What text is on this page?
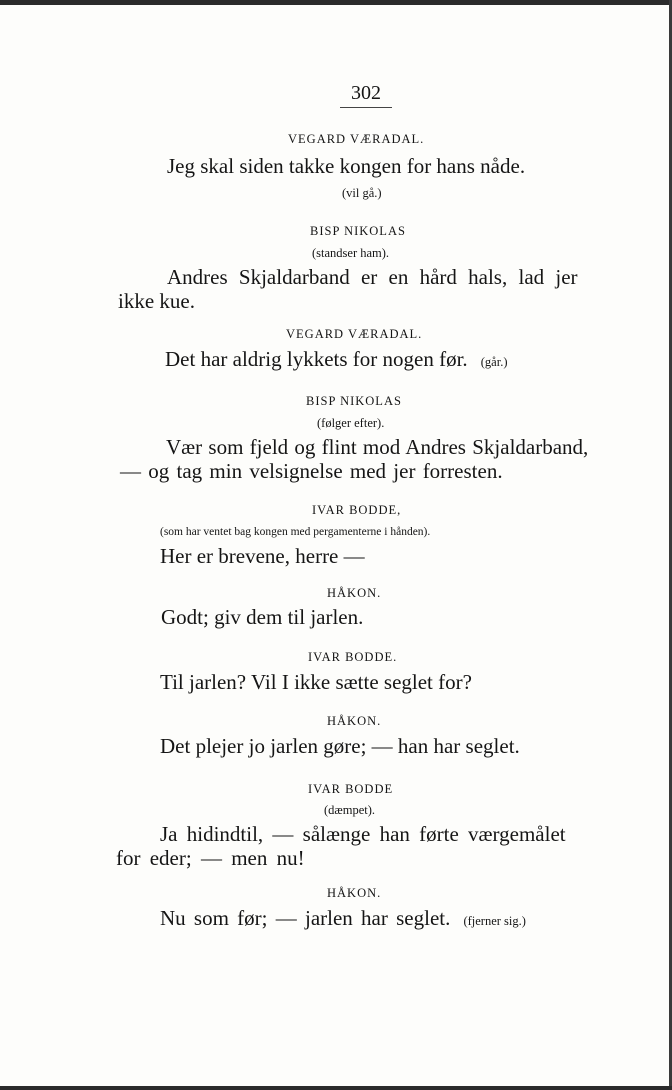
302
VEGARD VÆRADAL.
Jeg skal siden takke kongen for hans nåde.
(vil gå.)
BISP NIKOLAS
(standser ham).
Andres Skjaldarband er en hård hals, lad jer
ikke kue.
VEGARD VÆRADAL.
Det har aldrig lykkets for nogen før. (går.)
BISP NIKOLAS
(følger efter).
Vær som fjeld og flint mod Andres Skjaldarband,
— og tag min velsignelse med jer forresten.
IVAR BODDE,
(som har ventet bag kongen med pergamenterne i hånden).
Her er brevene, herre —
HÅKON.
Godt; giv dem til jarlen.
IVAR BODDE.
Til jarlen? Vil I ikke sætte seglet for?
HÅKON.
Det plejer jo jarlen gøre; — han har seglet.
IVAR BODDE
(dæmpet).
Ja hidindtil, — sålænge han førte værgemålet
for eder; — men nu!
HÅKON.
Nu som før; — jarlen har seglet. (fjerner sig.)
